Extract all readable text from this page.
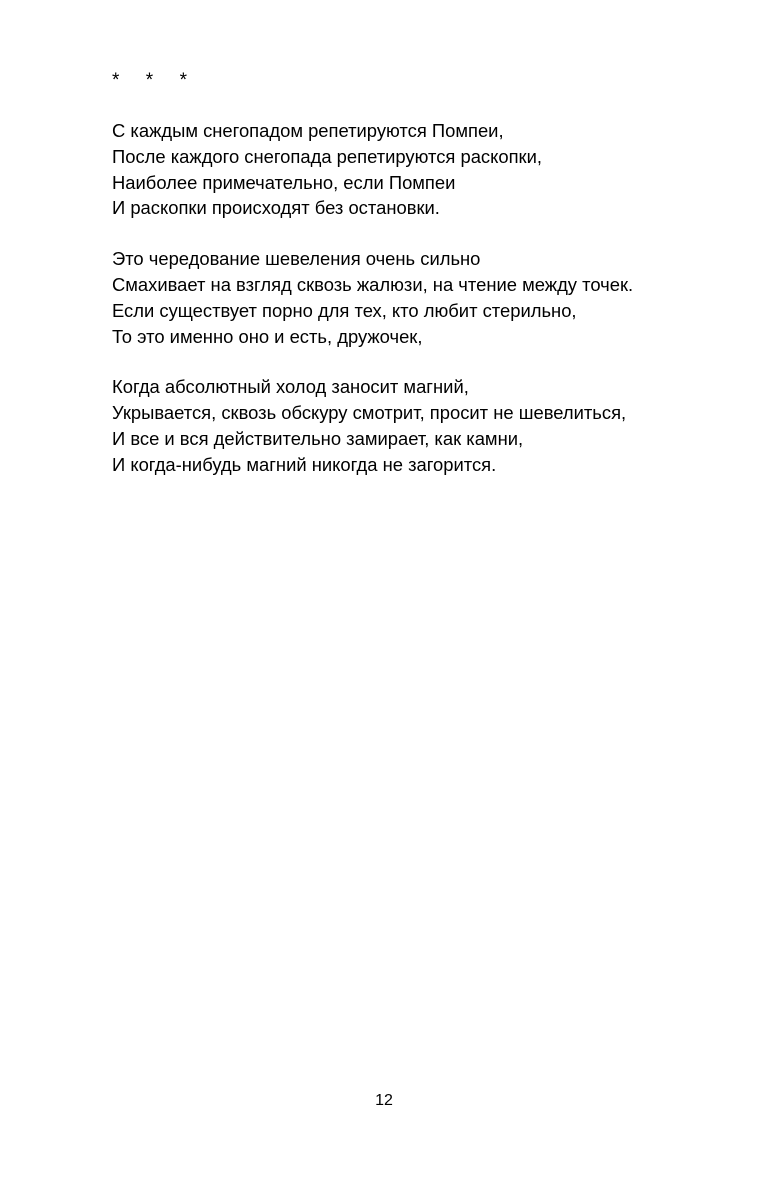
*     *     *
С каждым снегопадом репетируются Помпеи,
После каждого снегопада репетируются раскопки,
Наиболее примечательно, если Помпеи
И раскопки происходят без остановки.
Это чередование шевеления очень сильно
Смахивает на взгляд сквозь жалюзи, на чтение между точек.
Если существует порно для тех, кто любит стерильно,
То это именно оно и есть, дружочек,
Когда абсолютный холод заносит магний,
Укрывается, сквозь обскуру смотрит, просит не шевелиться,
И все и вся действительно замирает, как камни,
И когда-нибудь магний никогда не загорится.
12
